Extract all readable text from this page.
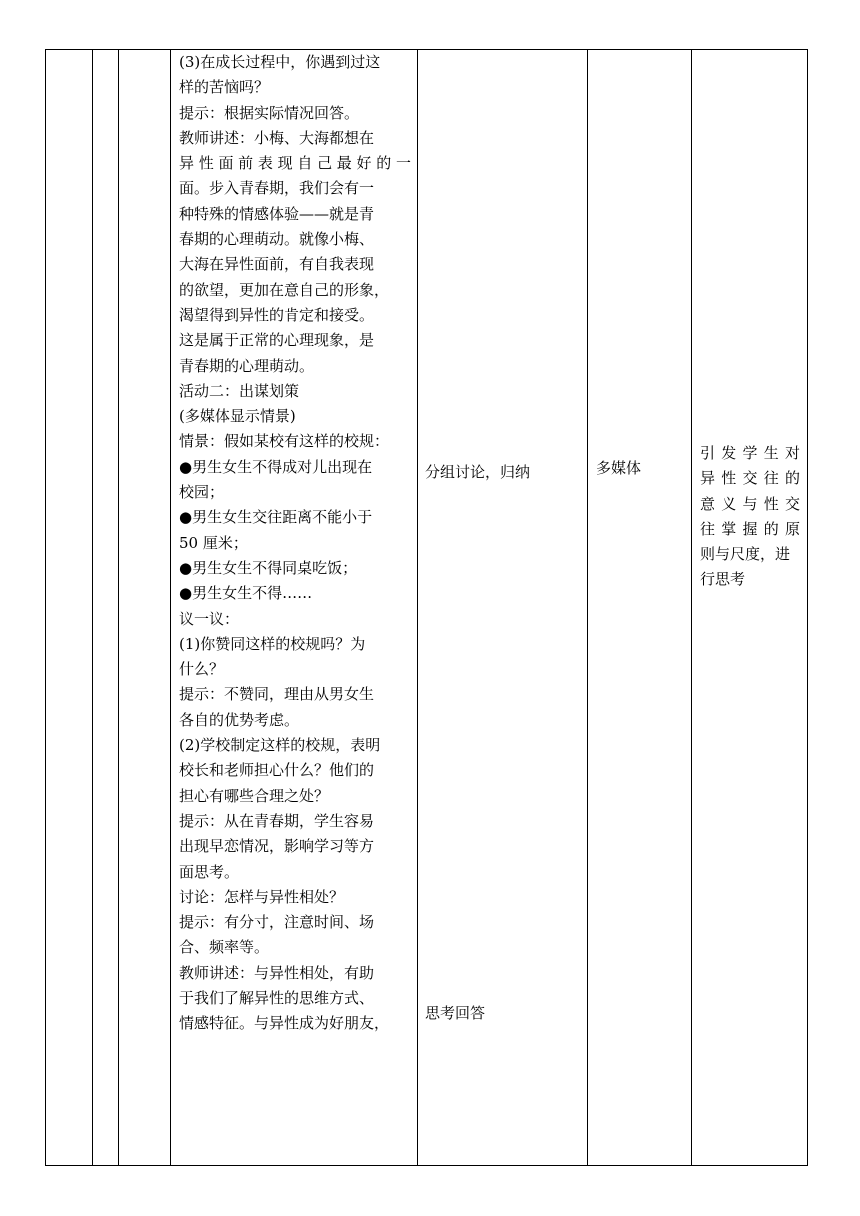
(3)在成长过程中，你遇到过这

样的苦恼吗？

提示：根据实际情况回答。

教师讲述：小梅、大海都想在

异性面前表现自己最好的一

面。步入青春期，我们会有一

种特殊的情感体验——就是青

春期的心理萌动。就像小梅、

大海在异性面前，有自我表现

的欲望，更加在意自己的形象，

渴望得到异性的肯定和接受。

这是属于正常的心理现象，是

青春期的心理萌动。

活动二：出谋划策

(多媒体显示情景)

情景：假如某校有这样的校规：

●男生女生不得成对儿出现在

校园；

●男生女生交往距离不能小于

50 厘米；

●男生女生不得同桌吃饭；

●男生女生不得……

议一议：

(1)你赞同这样的校规吗？为

什么？

提示：不赞同，理由从男女生

各自的优势考虑。

(2)学校制定这样的校规，表明

校长和老师担心什么？他们的

担心有哪些合理之处？

提示：从在青春期，学生容易

出现早恋情况，影响学习等方

面思考。

讨论：怎样与异性相处？

提示：有分寸，注意时间、场

合、频率等。

教师讲述：与异性相处，有助

于我们了解异性的思维方式、

情感特征。与异性成为好朋友，

分组讨论，归纳
思考回答
多媒体

引发学生对

异性交往的

意义与性交

往掌握的原

则与尺度，进

行思考
